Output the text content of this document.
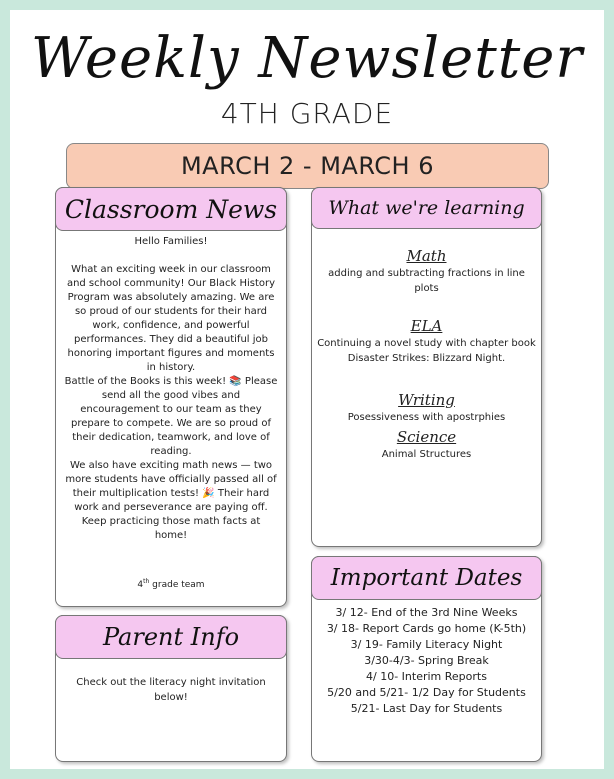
Weekly Newsletter
4TH GRADE
MARCH 2 - MARCH 6
Classroom News

Hello Families!

What an exciting week in our classroom and school community! Our Black History Program was absolutely amazing. We are so proud of our students for their hard work, confidence, and powerful performances. They did a beautiful job honoring important figures and moments in history.

Battle of the Books is this week! 📚 Please send all the good vibes and encouragement to our team as they prepare to compete. We are so proud of their dedication, teamwork, and love of reading.

We also have exciting math news — two more students have officially passed all of their multiplication tests! 🎉 Their hard work and perseverance are paying off. Keep practicing those math facts at home!

4th grade team
What we're learning
Math
adding and subtracting fractions in line plots
ELA
Continuing a novel study with chapter book Disaster Strikes: Blizzard Night.
Writing
Posessiveness with apostrphies
Science
Animal Structures
Parent Info
Check out the literacy night invitation below!
Important Dates
3/ 12- End of the 3rd Nine Weeks
3/ 18- Report Cards go home (K-5th)
3/ 19- Family Literacy Night
3/30-4/3- Spring Break
4/ 10- Interim Reports
5/20 and 5/21- 1/2 Day for Students
5/21- Last Day for Students
